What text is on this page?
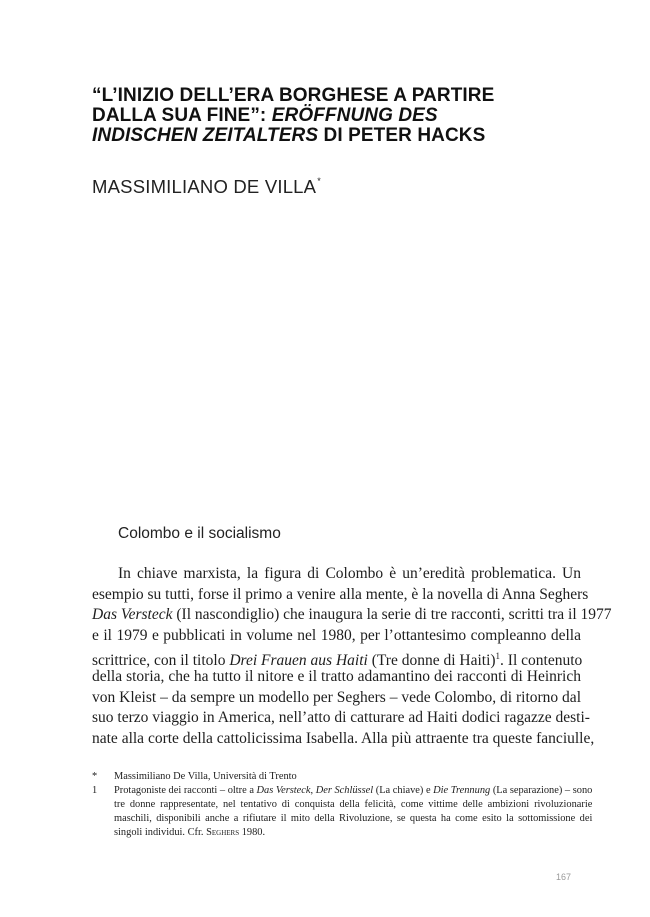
“L’INIZIO DELL’ERA BORGHESE A PARTIRE
DALLA SUA FINE”: ERÖFFNUNG DES
INDISCHEN ZEITALTERS DI PETER HACKS
MASSIMILIANO DE VILLA*
Colombo e il socialismo
In chiave marxista, la figura di Colombo è un’eredità problematica. Un
esempio su tutti, forse il primo a venire alla mente, è la novella di Anna Seghers
Das Versteck (Il nascondiglio) che inaugura la serie di tre racconti, scritti tra il 1977
e il 1979 e pubblicati in volume nel 1980, per l’ottantesimo compleanno della
scrittrice, con il titolo Drei Frauen aus Haiti (Tre donne di Haiti)$^1$. Il contenuto
della storia, che ha tutto il nitore e il tratto adamantino dei racconti di Heinrich
von Kleist – da sempre un modello per Seghers – vede Colombo, di ritorno dal
suo terzo viaggio in America, nell’atto di catturare ad Haiti dodici ragazze desti-
nate alla corte della cattolicissima Isabella. Alla più attraente tra queste fanciulle,
*	Massimiliano De Villa, Università di Trento
1	Protagoniste dei racconti – oltre a Das Versteck, Der Schlüssel (La chiave) e Die Trennung (La separazione) – sono
tre donne rappresentate, nel tentativo di conquista della felicità, come vittime delle ambizioni rivoluzionarie
maschili, disponibili anche a rifiutare il mito della Rivoluzione, se questa ha come esito la sottomissione dei
singoli individui. Cfr. Seghers 1980.
167
